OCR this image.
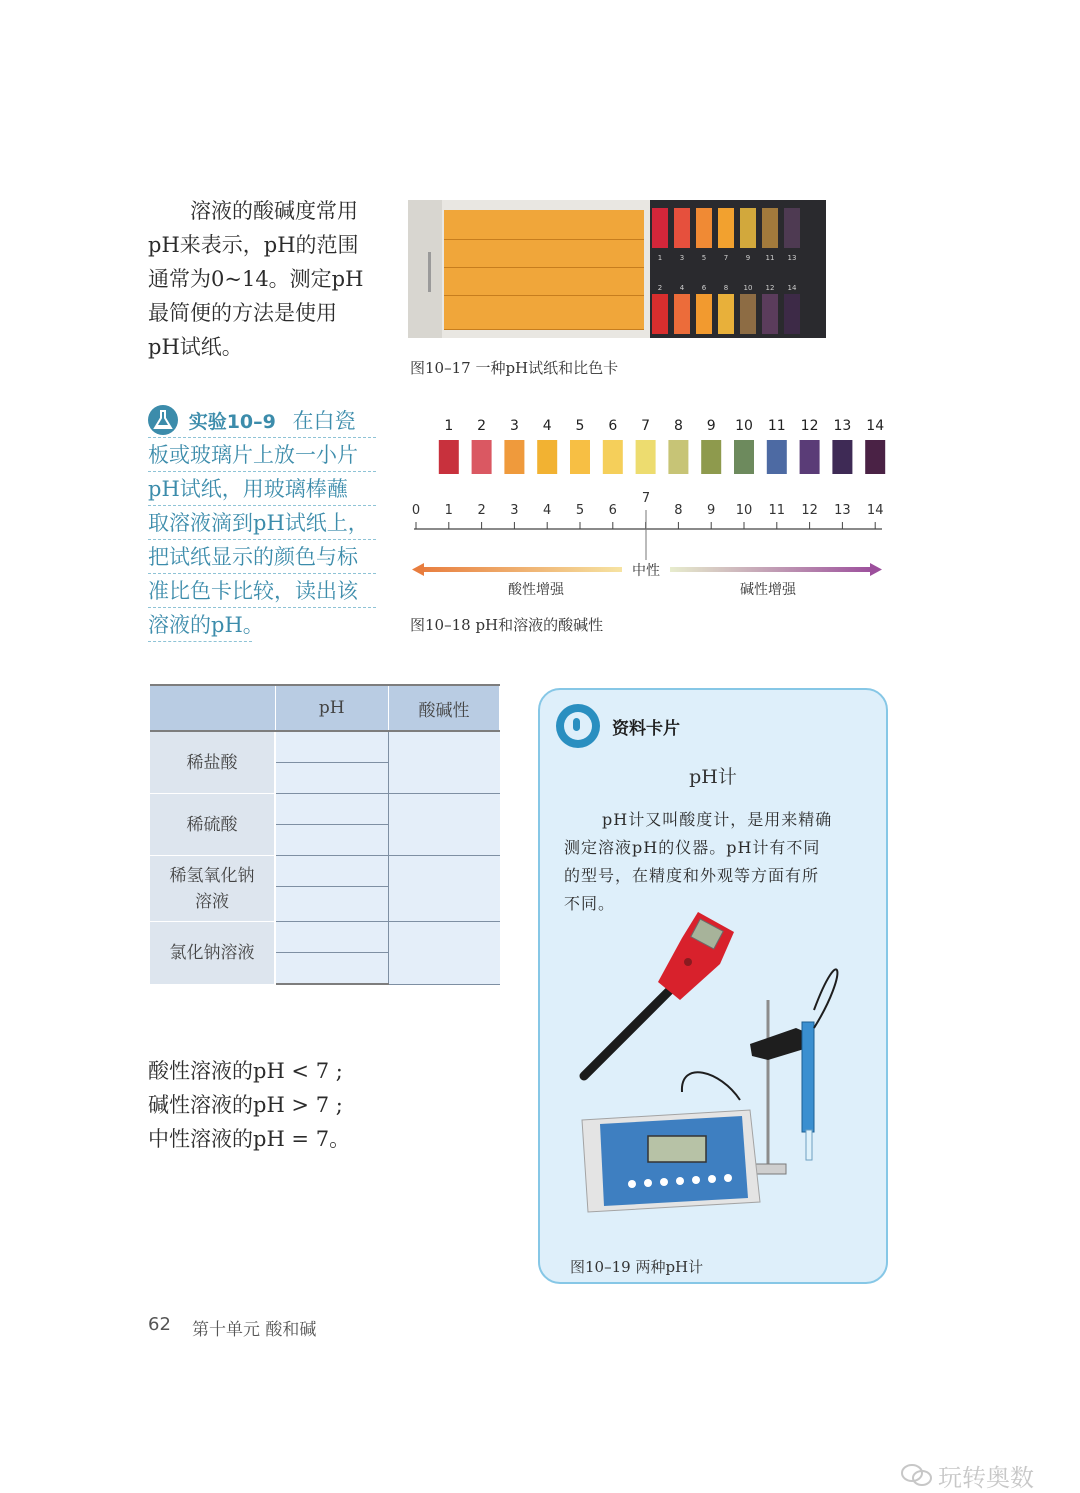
溶液的酸碱度常用
pH来表示，pH的范围
通常为0~14。测定pH
最简便的方法是使用
pH试纸。
1	3	5	7	9	11	13
2	4	6	8	10	12	14
图10–17 一种pH试纸和比色卡
实验10–9 在白瓷
板或玻璃片上放一小片
pH试纸，用玻璃棒蘸
取溶液滴到pH试纸上，
把试纸显示的颜色与标
准比色卡比较，读出该
溶液的pH。
1 2 3 4 5 6 7 8 9 10 11 12 13 14
0 1 2 3 4 5 6	8 9 10 11 12 13 14
7
中性
酸性增强	碱性增强
图10–18 pH和溶液的酸碱性
	pH	酸碱性
稀盐酸		

稀硫酸		

稀氢氧化钠
溶液		

氯化钠溶液		

酸性溶液的pH < 7 ;
碱性溶液的pH > 7 ;
中性溶液的pH = 7。
资料卡片
pH计
pH计又叫酸度计，是用来精确
测定溶液pH的仪器。pH计有不同
的型号，在精度和外观等方面有所
不同。
图10–19 两种pH计
62 第十单元 酸和碱
玩转奥数
